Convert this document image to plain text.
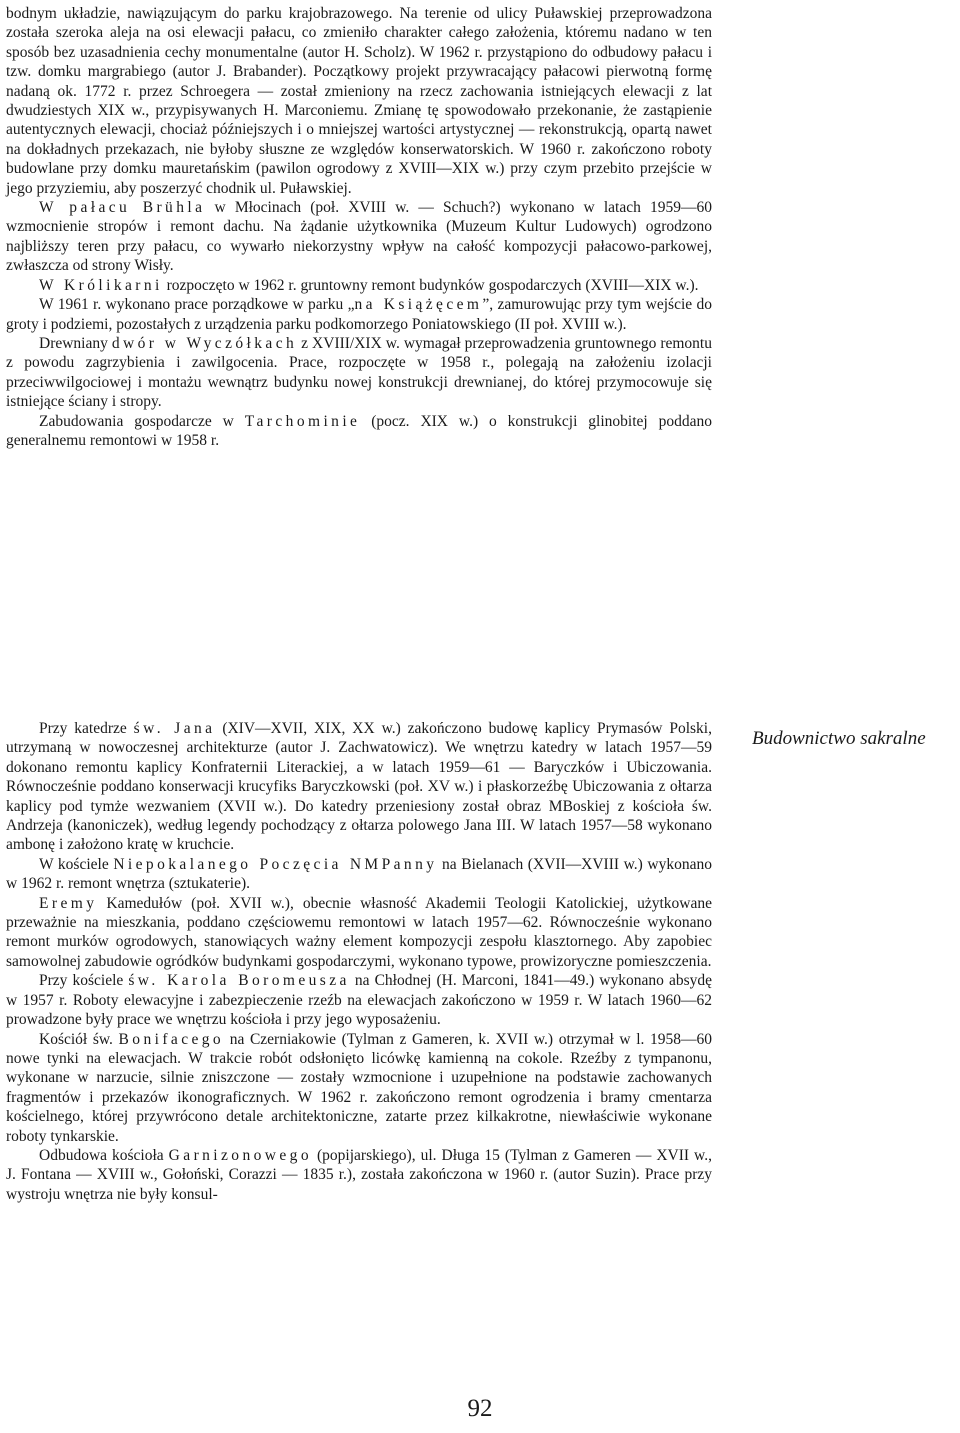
bodnym układzie, nawiązującym do parku krajobrazowego. Na terenie od ulicy Puławskiej przeprowadzona została szeroka aleja na osi elewacji pałacu, co zmieniło charakter całego założenia, któremu nadano w ten sposób bez uzasadnienia cechy monumentalne (autor H. Scholz). W 1962 r. przystąpiono do odbudowy pałacu i tzw. domku margrabiego (autor J. Brabander). Początkowy projekt przywracający pałacowi pierwotną formę nadaną ok. 1772 r. przez Schroegera — został zmieniony na rzecz zachowania istniejących elewacji z lat dwudziestych XIX w., przypisywanych H. Marconiemu. Zmianę tę spowodowało przekonanie, że zastąpienie autentycznych elewacji, chociaż późniejszych i o mniejszej wartości artystycznej — rekonstrukcją, opartą nawet na dokładnych przekazach, nie byłoby słuszne ze względów konserwatorskich. W 1960 r. zakończono roboty budowlane przy domku mauretańskim (pawilon ogrodowy z XVIII—XIX w.) przy czym przebito przejście w jego przyziemiu, aby poszerzyć chodnik ul. Puławskiej.

W pałacu Brühla w Młocinach (poł. XVIII w. — Schuch?) wykonano w latach 1959—60 wzmocnienie stropów i remont dachu. Na żądanie użytkownika (Muzeum Kultur Ludowych) ogrodzono najbliższy teren przy pałacu, co wywarło niekorzystny wpływ na całość kompozycji pałacowo-parkowej, zwłaszcza od strony Wisły.

W Królikarni rozpoczęto w 1962 r. gruntowny remont budynków gospodarczych (XVIII—XIX w.).

W 1961 r. wykonano prace porządkowe w parku „na Książęcem”, zamurowując przy tym wejście do groty i podziemi, pozostałych z urządzenia parku podkomorzego Poniatowskiego (II poł. XVIII w.).

Drewniany dwór w Wyczółkach z XVIII/XIX w. wymagał przeprowadzenia gruntownego remontu z powodu zagrzybienia i zawilgocenia. Prace, rozpoczęte w 1958 r., polegają na założeniu izolacji przeciwwilgociowej i montażu wewnątrz budynku nowej konstrukcji drewnianej, do której przymocowuje się istniejące ściany i stropy.

Zabudowania gospodarcze w Tarchominie (pocz. XIX w.) o konstrukcji glinobitej poddano generalnemu remontowi w 1958 r.

Budownictwo sakralne

Przy katedrze św. Jana (XIV—XVII, XIX, XX w.) zakończono budowę kaplicy Prymasów Polski, utrzymaną w nowoczesnej architekturze (autor J. Zachwatowicz). We wnętrzu katedry w latach 1957—59 dokonano remontu kaplicy Konfraternii Literackiej, a w latach 1959—61 — Baryczków i Ubiczowania. Równocześnie poddano konserwacji krucyfiks Baryczkowski (poł. XV w.) i płaskorzeźbę Ubiczowania z ołtarza kaplicy pod tymże wezwaniem (XVII w.). Do katedry przeniesiony został obraz MBoskiej z kościoła św. Andrzeja (kanoniczek), według legendy pochodzący z ołtarza polowego Jana III. W latach 1957—58 wykonano ambonę i założono kratę w kruchcie.

W kościele Niepokalanego Poczęcia NMPanny na Bielanach (XVII—XVIII w.) wykonano w 1962 r. remont wnętrza (sztukaterie).

Eremy Kamedułów (poł. XVII w.), obecnie własność Akademii Teologii Katolickiej, użytkowane przeważnie na mieszkania, poddano częściowemu remontowi w latach 1957—62. Równocześnie wykonano remont murków ogrodowych, stanowiących ważny element kompozycji zespołu klasztornego. Aby zapobiec samowolnej zabudowie ogródków budynkami gospodarczymi, wykonano typowe, prowizoryczne pomieszczenia.

Przy kościele św. Karola Boromeusza na Chłodnej (H. Marconi, 1841—49.) wykonano absydę w 1957 r. Roboty elewacyjne i zabezpieczenie rzeźb na elewacjach zakończono w 1959 r. W latach 1960—62 prowadzone były prace we wnętrzu kościoła i przy jego wyposażeniu.

Kościół św. Bonifacego na Czerniakowie (Tylman z Gameren, k. XVII w.) otrzymał w l. 1958—60 nowe tynki na elewacjach. W trakcie robót odsłonięto licówkę kamienną na cokole. Rzeźby z tympanonu, wykonane w narzucie, silnie zniszczone — zostały wzmocnione i uzupełnione na podstawie zachowanych fragmentów i przekazów ikonograficznych. W 1962 r. zakończono remont ogrodzenia i bramy cmentarza kościelnego, której przywrócono detale architektoniczne, zatarte przez kilkakrotne, niewłaściwie wykonane roboty tynkarskie.

Odbudowa kościoła Garnizonowego (popijarskiego), ul. Długa 15 (Tylman z Gameren — XVII w., J. Fontana — XVIII w., Gołoński, Corazzi — 1835 r.), została zakończona w 1960 r. (autor Suzin). Prace przy wystroju wnętrza nie były konsul-

92
